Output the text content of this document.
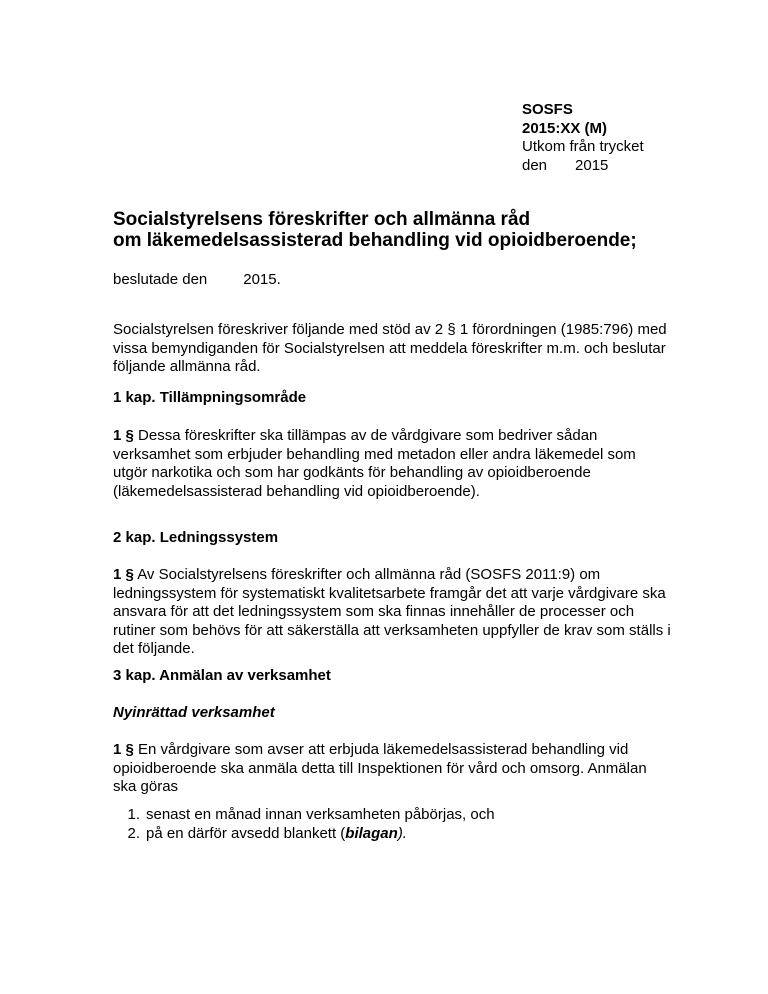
SOSFS
2015:XX (M)
Utkom från trycket
den 2015
Socialstyrelsens föreskrifter och allmänna råd
om läkemedelsassisterad behandling vid opioidberoende;
beslutade den 2015.
Socialstyrelsen föreskriver följande med stöd av 2 § 1 förordningen (1985:796) med vissa bemyndiganden för Socialstyrelsen att meddela föreskrifter m.m. och beslutar följande allmänna råd.
1 kap. Tillämpningsområde
1 § Dessa föreskrifter ska tillämpas av de vårdgivare som bedriver sådan verksamhet som erbjuder behandling med metadon eller andra läkemedel som utgör narkotika och som har godkänts för behandling av opioidberoende (läkemedelsassisterad behandling vid opioidberoende).
2 kap. Ledningssystem
1 § Av Socialstyrelsens föreskrifter och allmänna råd (SOSFS 2011:9) om ledningssystem för systematiskt kvalitetsarbete framgår det att varje vårdgivare ska ansvara för att det ledningssystem som ska finnas innehåller de processer och rutiner som behövs för att säkerställa att verksamheten uppfyller de krav som ställs i det följande.
3 kap. Anmälan av verksamhet
Nyinrättad verksamhet
1 § En vårdgivare som avser att erbjuda läkemedelsassisterad behandling vid opioidberoende ska anmäla detta till Inspektionen för vård och omsorg. Anmälan ska göras
1. senast en månad innan verksamheten påbörjas, och
2. på en därför avsedd blankett (bilagan).
